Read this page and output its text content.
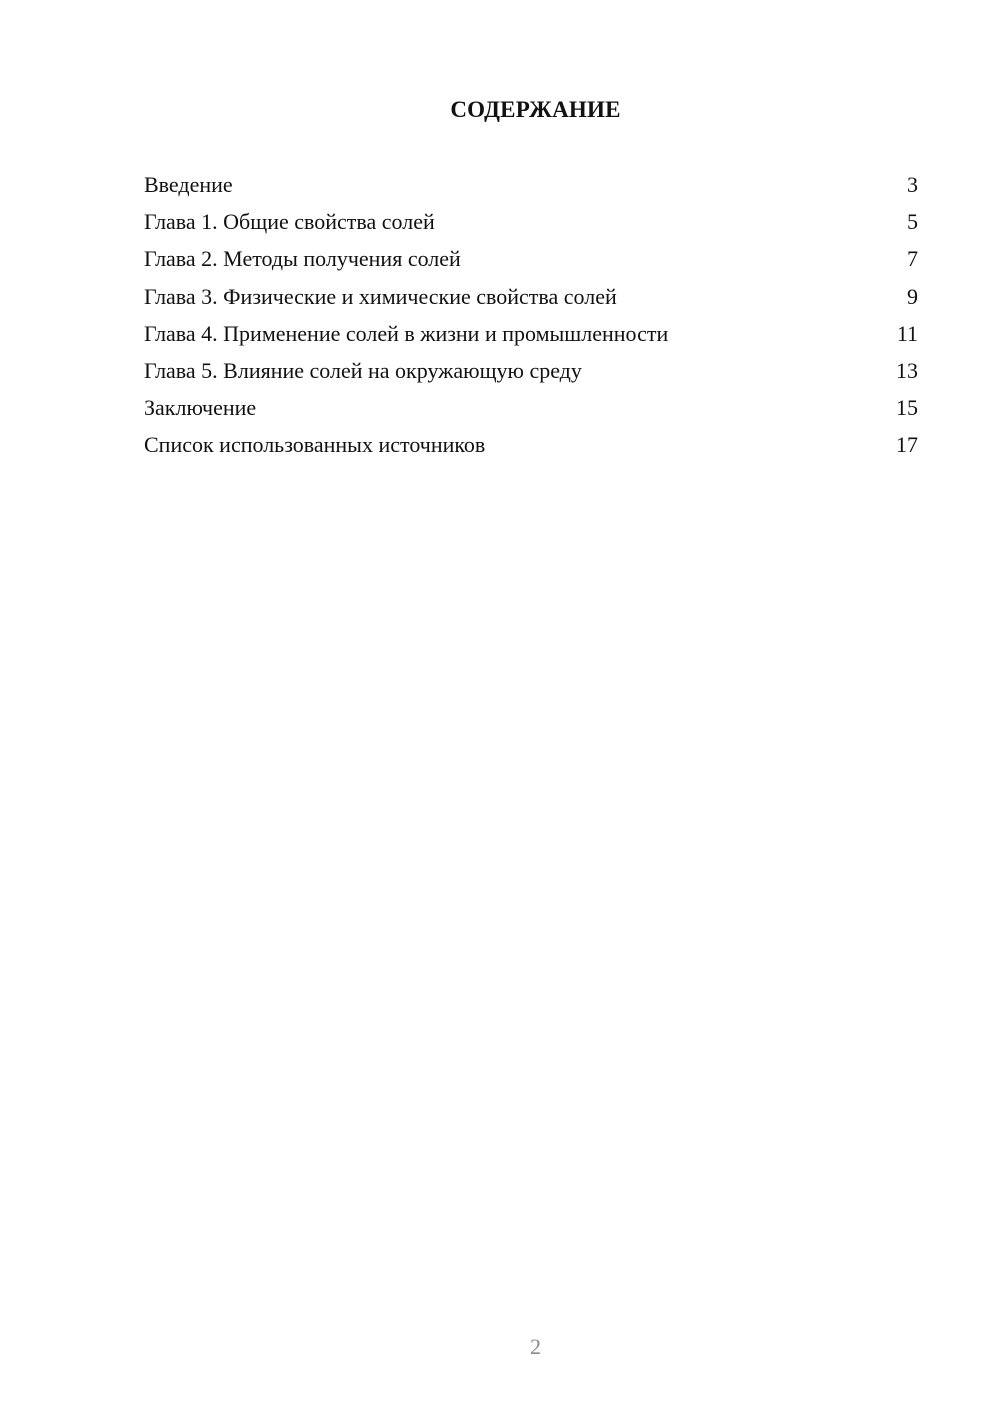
СОДЕРЖАНИЕ
Введение	3
Глава 1. Общие свойства солей	5
Глава 2. Методы получения солей	7
Глава 3. Физические и химические свойства солей	9
Глава 4. Применение солей в жизни и промышленности	11
Глава 5. Влияние солей на окружающую среду	13
Заключение	15
Список использованных источников	17
2
